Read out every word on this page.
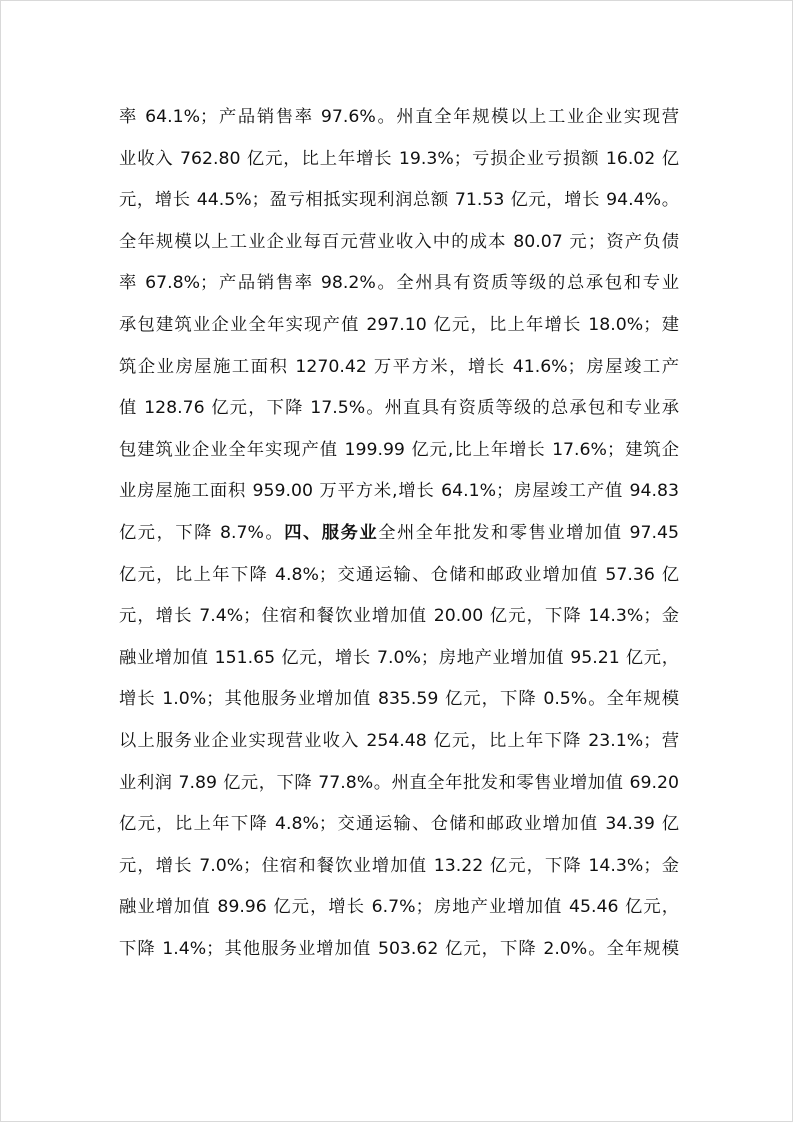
率 64.1%；产品销售率 97.6%。州直全年规模以上工业企业实现营
业收入 762.80 亿元，比上年增长 19.3%；亏损企业亏损额 16.02 亿
元，增长 44.5%；盈亏相抵实现利润总额 71.53 亿元，增长 94.4%。
全年规模以上工业企业每百元营业收入中的成本 80.07 元；资产负债
率 67.8%；产品销售率 98.2%。全州具有资质等级的总承包和专业
承包建筑业企业全年实现产值 297.10 亿元，比上年增长 18.0%；建
筑企业房屋施工面积 1270.42 万平方米，增长 41.6%；房屋竣工产
值 128.76 亿元，下降 17.5%。州直具有资质等级的总承包和专业承
包建筑业企业全年实现产值 199.99 亿元,比上年增长 17.6%；建筑企
业房屋施工面积 959.00 万平方米,增长 64.1%；房屋竣工产值 94.83
亿元，下降 8.7%。四、服务业全州全年批发和零售业增加值 97.45
亿元，比上年下降 4.8%；交通运输、仓储和邮政业增加值 57.36 亿
元，增长 7.4%；住宿和餐饮业增加值 20.00 亿元，下降 14.3%；金
融业增加值 151.65 亿元，增长 7.0%；房地产业增加值 95.21 亿元，
增长 1.0%；其他服务业增加值 835.59 亿元，下降 0.5%。全年规模
以上服务业企业实现营业收入 254.48 亿元，比上年下降 23.1%；营
业利润 7.89 亿元，下降 77.8%。州直全年批发和零售业增加值 69.20
亿元，比上年下降 4.8%；交通运输、仓储和邮政业增加值 34.39 亿
元，增长 7.0%；住宿和餐饮业增加值 13.22 亿元，下降 14.3%；金
融业增加值 89.96 亿元，增长 6.7%；房地产业增加值 45.46 亿元，
下降 1.4%；其他服务业增加值 503.62 亿元，下降 2.0%。全年规模
